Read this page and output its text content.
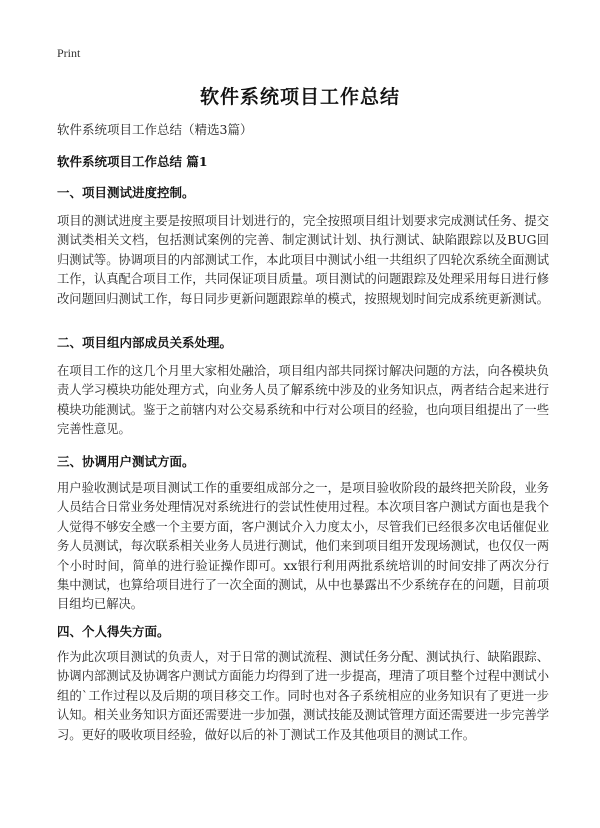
Print
软件系统项目工作总结
软件系统项目工作总结（精选3篇）
软件系统项目工作总结 篇1
一、项目测试进度控制。

项目的测试进度主要是按照项目计划进行的，完全按照项目组计划要求完成测试任务、提交测试类相关文档，包括测试案例的完善、制定测试计划、执行测试、缺陷跟踪以及BUG回归测试等。协调项目的内部测试工作，本此项目中测试小组一共组织了四轮次系统全面测试工作，认真配合项目工作，共同保证项目质量。项目测试的问题跟踪及处理采用每日进行修改问题回归测试工作，每日同步更新问题跟踪单的模式，按照规划时间完成系统更新测试。

二、项目组内部成员关系处理。

在项目工作的这几个月里大家相处融洽，项目组内部共同探讨解决问题的方法，向各模块负责人学习模块功能处理方式，向业务人员了解系统中涉及的业务知识点，两者结合起来进行模块功能测试。鉴于之前辖内对公交易系统和中行对公项目的经验，也向项目组提出了一些完善性意见。

三、协调用户测试方面。

用户验收测试是项目测试工作的重要组成部分之一，是项目验收阶段的最终把关阶段，业务人员结合日常业务处理情况对系统进行的尝试性使用过程。本次项目客户测试方面也是我个人觉得不够安全感一个主要方面，客户测试介入力度太小，尽管我们已经很多次电话催促业务人员测试，每次联系相关业务人员进行测试，他们来到项目组开发现场测试，也仅仅一两个小时时间，简单的进行验证操作即可。xx银行利用两批系统培训的时间安排了两次分行集中测试，也算给项目进行了一次全面的测试，从中也暴露出不少系统存在的问题，目前项目组均已解决。

四、个人得失方面。

作为此次项目测试的负责人，对于日常的测试流程、测试任务分配、测试执行、缺陷跟踪、协调内部测试及协调客户测试方面能力均得到了进一步提高，理清了项目整个过程中测试小组的`工作过程以及后期的项目移交工作。同时也对各子系统相应的业务知识有了更进一步认知。相关业务知识方面还需要进一步加强，测试技能及测试管理方面还需要进一步完善学习。更好的吸收项目经验，做好以后的补丁测试工作及其他项目的测试工作。
